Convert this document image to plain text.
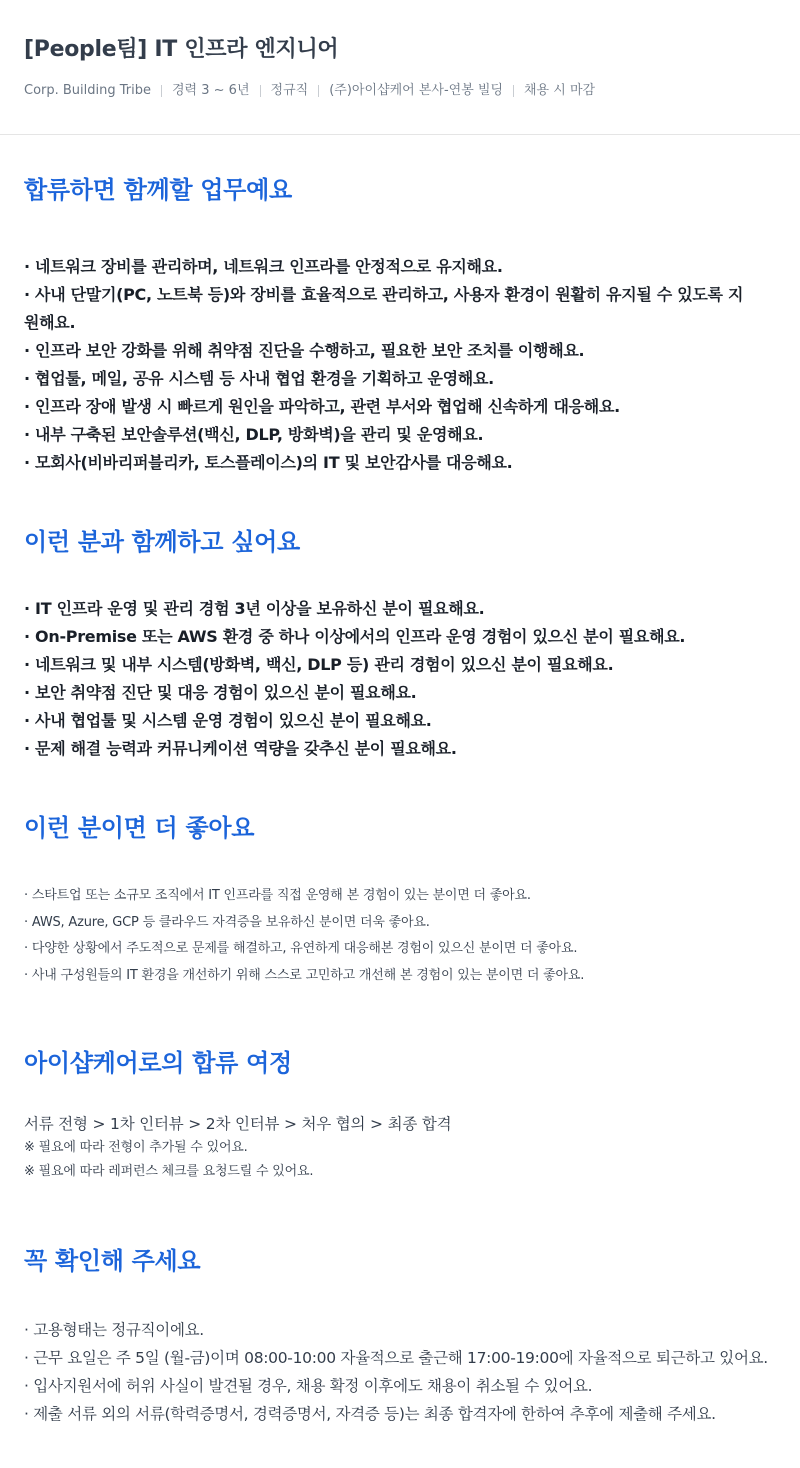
[People팀] IT 인프라 엔지니어
Corp. Building Tribe 경력 3 ~ 6년 정규직 (주)아이샵케어 본사-연봉 빌딩 채용 시 마감
합류하면 함께할 업무예요
· 네트워크 장비를 관리하며, 네트워크 인프라를 안정적으로 유지해요.
· 사내 단말기(PC, 노트북 등)와 장비를 효율적으로 관리하고, 사용자 환경이 원활히 유지될 수 있도록 지원해요.
· 인프라 보안 강화를 위해 취약점 진단을 수행하고, 필요한 보안 조치를 이행해요.
· 협업툴, 메일, 공유 시스템 등 사내 협업 환경을 기획하고 운영해요.
· 인프라 장애 발생 시 빠르게 원인을 파악하고, 관련 부서와 협업해 신속하게 대응해요.
· 내부 구축된 보안솔루션(백신, DLP, 방화벽)을 관리 및 운영해요.
· 모회사(비바리퍼블리카, 토스플레이스)의 IT 및 보안감사를 대응해요.
이런 분과 함께하고 싶어요
· IT 인프라 운영 및 관리 경험 3년 이상을 보유하신 분이 필요해요.
· On-Premise 또는 AWS 환경 중 하나 이상에서의 인프라 운영 경험이 있으신 분이 필요해요.
· 네트워크 및 내부 시스템(방화벽, 백신, DLP 등) 관리 경험이 있으신 분이 필요해요.
· 보안 취약점 진단 및 대응 경험이 있으신 분이 필요해요.
· 사내 협업툴 및 시스템 운영 경험이 있으신 분이 필요해요.
· 문제 해결 능력과 커뮤니케이션 역량을 갖추신 분이 필요해요.
이런 분이면 더 좋아요
· 스타트업 또는 소규모 조직에서 IT 인프라를 직접 운영해 본 경험이 있는 분이면 더 좋아요.
· AWS, Azure, GCP 등 클라우드 자격증을 보유하신 분이면 더욱 좋아요.
· 다양한 상황에서 주도적으로 문제를 해결하고, 유연하게 대응해본 경험이 있으신 분이면 더 좋아요.
· 사내 구성원들의 IT 환경을 개선하기 위해 스스로 고민하고 개선해 본 경험이 있는 분이면 더 좋아요.
아이샵케어로의 합류 여정

서류 전형 > 1차 인터뷰 > 2차 인터뷰 > 처우 협의 > 최종 합격

※ 필요에 따라 전형이 추가될 수 있어요.

※ 필요에 따라 레퍼런스 체크를 요청드릴 수 있어요.

꼭 확인해 주세요
· 고용형태는 정규직이에요.
· 근무 요일은 주 5일 (월-금)이며 08:00-10:00 자율적으로 출근해 17:00-19:00에 자율적으로 퇴근하고 있어요.
· 입사지원서에 허위 사실이 발견될 경우, 채용 확정 이후에도 채용이 취소될 수 있어요.
· 제출 서류 외의 서류(학력증명서, 경력증명서, 자격증 등)는 최종 합격자에 한하여 추후에 제출해 주세요.
